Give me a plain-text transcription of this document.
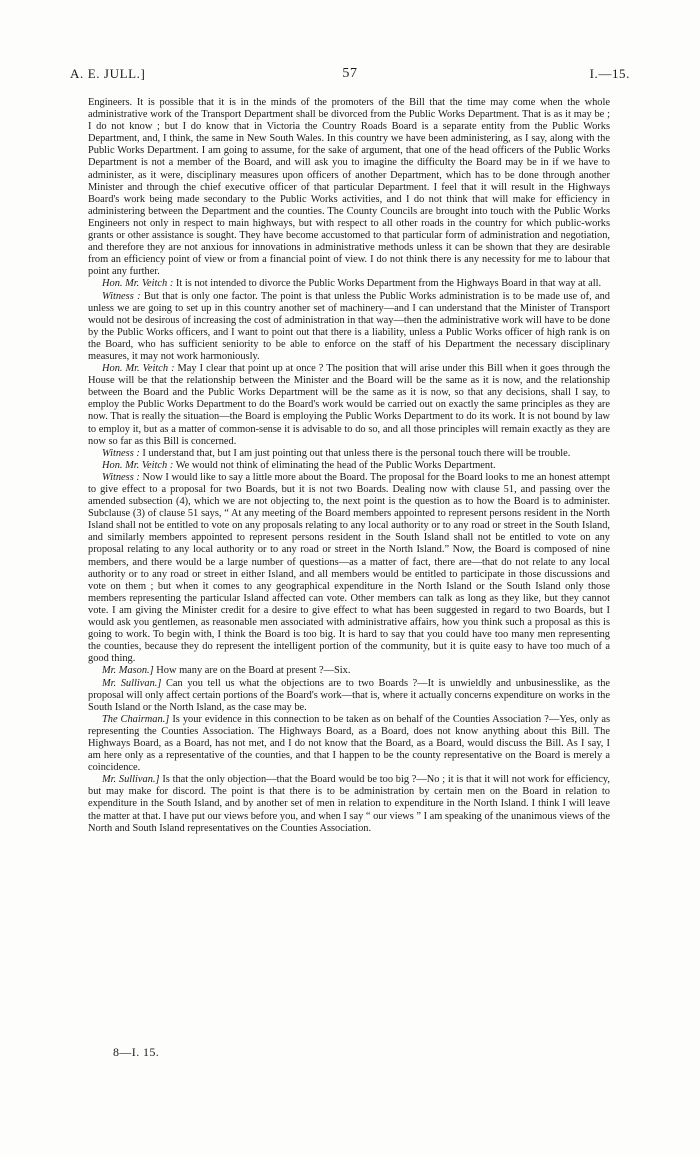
A. E. JULL.]	57	I.—15.

Engineers. It is possible that it is in the minds of the promoters of the Bill that the time may come when the whole administrative work of the Transport Department shall be divorced from the Public Works Department. That is as it may be ; I do not know ; but I do know that in Victoria the Country Roads Board is a separate entity from the Public Works Department, and, I think, the same in New South Wales. In this country we have been administering, as I say, along with the Public Works Department. I am going to assume, for the sake of argument, that one of the head officers of the Public Works Department is not a member of the Board, and will ask you to imagine the difficulty the Board may be in if we have to administer, as it were, disciplinary measures upon officers of another Department, which has to be done through another Minister and through the chief executive officer of that particular Department. I feel that it will result in the Highways Board's work being made secondary to the Public Works activities, and I do not think that will make for efficiency in administering between the Department and the counties. The County Councils are brought into touch with the Public Works Engineers not only in respect to main highways, but with respect to all other roads in the country for which public-works grants or other assistance is sought. They have become accustomed to that particular form of administration and negotiation, and therefore they are not anxious for innovations in administrative methods unless it can be shown that they are desirable from an efficiency point of view or from a financial point of view. I do not think there is any necessity for me to labour that point any further.

Hon. Mr. Veitch : It is not intended to divorce the Public Works Department from the Highways Board in that way at all.

Witness : But that is only one factor. The point is that unless the Public Works administration is to be made use of, and unless we are going to set up in this country another set of machinery—and I can understand that the Minister of Transport would not be desirous of increasing the cost of administration in that way—then the administrative work will have to be done by the Public Works officers, and I want to point out that there is a liability, unless a Public Works officer of high rank is on the Board, who has sufficient seniority to be able to enforce on the staff of his Department the necessary disciplinary measures, it may not work harmoniously.

Hon. Mr. Veitch : May I clear that point up at once ? The position that will arise under this Bill when it goes through the House will be that the relationship between the Minister and the Board will be the same as it is now, and the relationship between the Board and the Public Works Department will be the same as it is now, so that any decisions, shall I say, to employ the Public Works Department to do the Board's work would be carried out on exactly the same principles as they are now. That is really the situation—the Board is employing the Public Works Department to do its work. It is not bound by law to employ it, but as a matter of common-sense it is advisable to do so, and all those principles will remain exactly as they are now so far as this Bill is concerned.

Witness : I understand that, but I am just pointing out that unless there is the personal touch there will be trouble.

Hon. Mr. Veitch : We would not think of eliminating the head of the Public Works Department.

Witness : Now I would like to say a little more about the Board. The proposal for the Board looks to me an honest attempt to give effect to a proposal for two Boards, but it is not two Boards. Dealing now with clause 51, and passing over the amended subsection (4), which we are not objecting to, the next point is the question as to how the Board is to administer. Subclause (3) of clause 51 says, “ At any meeting of the Board members appointed to represent persons resident in the North Island shall not be entitled to vote on any proposals relating to any local authority or to any road or street in the South Island, and similarly members appointed to represent persons resident in the South Island shall not be entitled to vote on any proposal relating to any local authority or to any road or street in the North Island.” Now, the Board is composed of nine members, and there would be a large number of questions—as a matter of fact, there are—that do not relate to any local authority or to any road or street in either Island, and all members would be entitled to participate in those discussions and vote on them ; but when it comes to any geographical expenditure in the North Island or the South Island only those members representing the particular Island affected can vote. Other members can talk as long as they like, but they cannot vote. I am giving the Minister credit for a desire to give effect to what has been suggested in regard to two Boards, but I would ask you gentlemen, as reasonable men associated with administrative affairs, how you think such a proposal as this is going to work. To begin with, I think the Board is too big. It is hard to say that you could have too many men representing the counties, because they do represent the intelligent portion of the community, but it is quite easy to have too much of a good thing.

Mr. Mason.] How many are on the Board at present ?—Six.

Mr. Sullivan.] Can you tell us what the objections are to two Boards ?—It is unwieldly and unbusinesslike, as the proposal will only affect certain portions of the Board's work—that is, where it actually concerns expenditure on works in the South Island or the North Island, as the case may be.

The Chairman.] Is your evidence in this connection to be taken as on behalf of the Counties Association ?—Yes, only as representing the Counties Association. The Highways Board, as a Board, does not know anything about this Bill. The Highways Board, as a Board, has not met, and I do not know that the Board, as a Board, would discuss the Bill. As I say, I am here only as a representative of the counties, and that I happen to be the county representative on the Board is merely a coincidence.

Mr. Sullivan.] Is that the only objection—that the Board would be too big ?—No ; it is that it will not work for efficiency, but may make for discord. The point is that there is to be administration by certain men on the Board in relation to expenditure in the South Island, and by another set of men in relation to expenditure in the North Island. I think I will leave the matter at that. I have put our views before you, and when I say “ our views ” I am speaking of the unanimous views of the North and South Island representatives on the Counties Association.

8—I. 15.
